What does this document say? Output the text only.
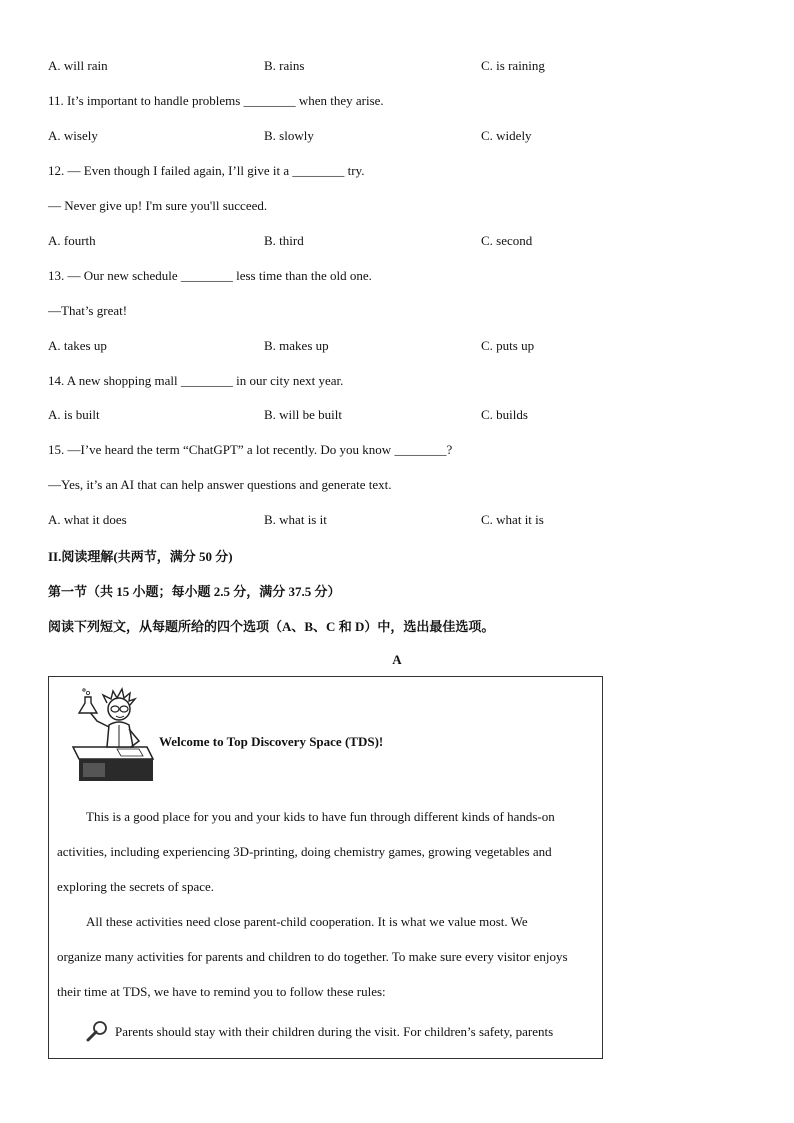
A. will rain	B. rains	C. is raining
11. It’s important to handle problems ________ when they arise.
A. wisely	B. slowly	C. widely
12. — Even though I failed again, I’ll give it a ________ try.
— Never give up! I'm sure you'll succeed.
A. fourth	B. third	C. second
13. — Our new schedule ________ less time than the old one.
—That’s great!
A. takes up	B. makes up	C. puts up
14. A new shopping mall ________ in our city next year.
A. is built	B. will be built	C. builds
15. —I’ve heard the term “ChatGPT” a lot recently. Do you know ________?
—Yes, it’s an AI that can help answer questions and generate text.
A. what it does	B. what is it	C. what it is
II.阅读理解(共两节，满分 50 分)
第一节（共 15 小题；每小题 2.5 分，满分 37.5 分）
阅读下列短文，从每题所给的四个选项（A、B、C 和 D）中，选出最佳选项。
A
Welcome to Top Discovery Space (TDS)!
This is a good place for you and your kids to have fun through different kinds of hands-on
activities, including experiencing 3D-printing, doing chemistry games, growing vegetables and
exploring the secrets of space.
All these activities need close parent-child cooperation. It is what we value most. We
organize many activities for parents and children to do together. To make sure every visitor enjoys
their time at TDS, we have to remind you to follow these rules:
Parents should stay with their children during the visit. For children’s safety, parents
